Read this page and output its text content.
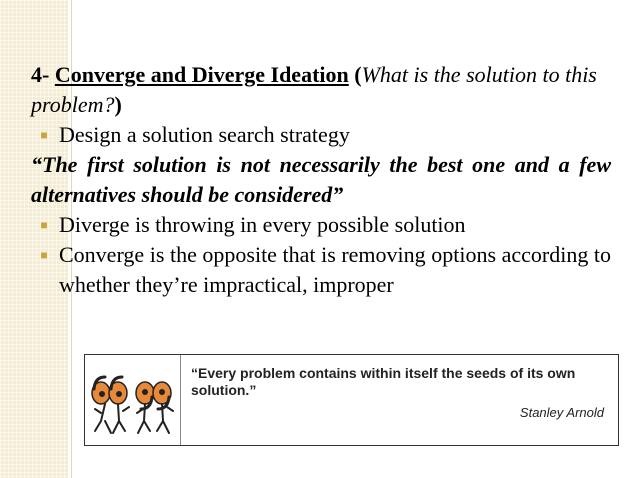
4- Converge and Diverge Ideation (What is the solution to this problem?)

■ Design a solution search strategy

“The first solution is not necessarily the best one and a few alternatives should be considered”

■ Diverge is throwing in every possible solution

■ Converge is the opposite that is removing options according to whether they’re impractical, improper

“Every problem contains within itself the seeds of its own solution.”
Stanley Arnold
